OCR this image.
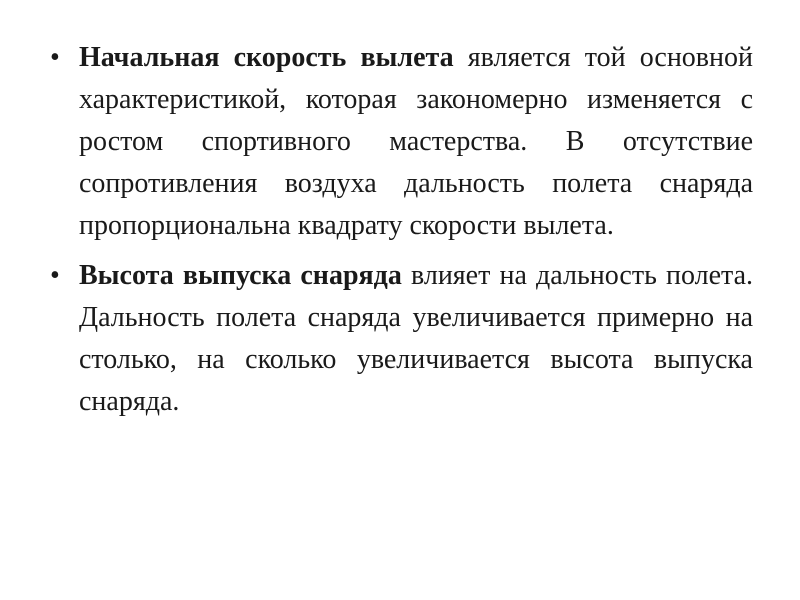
• Начальная скорость вылета является той основной характеристикой, которая закономерно изменяется с ростом спортивного мастерства. В отсутствие сопротивления воздуха дальность полета снаряда пропорциональна квадрату скорости вылета.
• Высота выпуска снаряда влияет на дальность полета. Дальность полета снаряда увеличивается примерно на столько, на сколько увеличивается высота выпуска снаряда.
